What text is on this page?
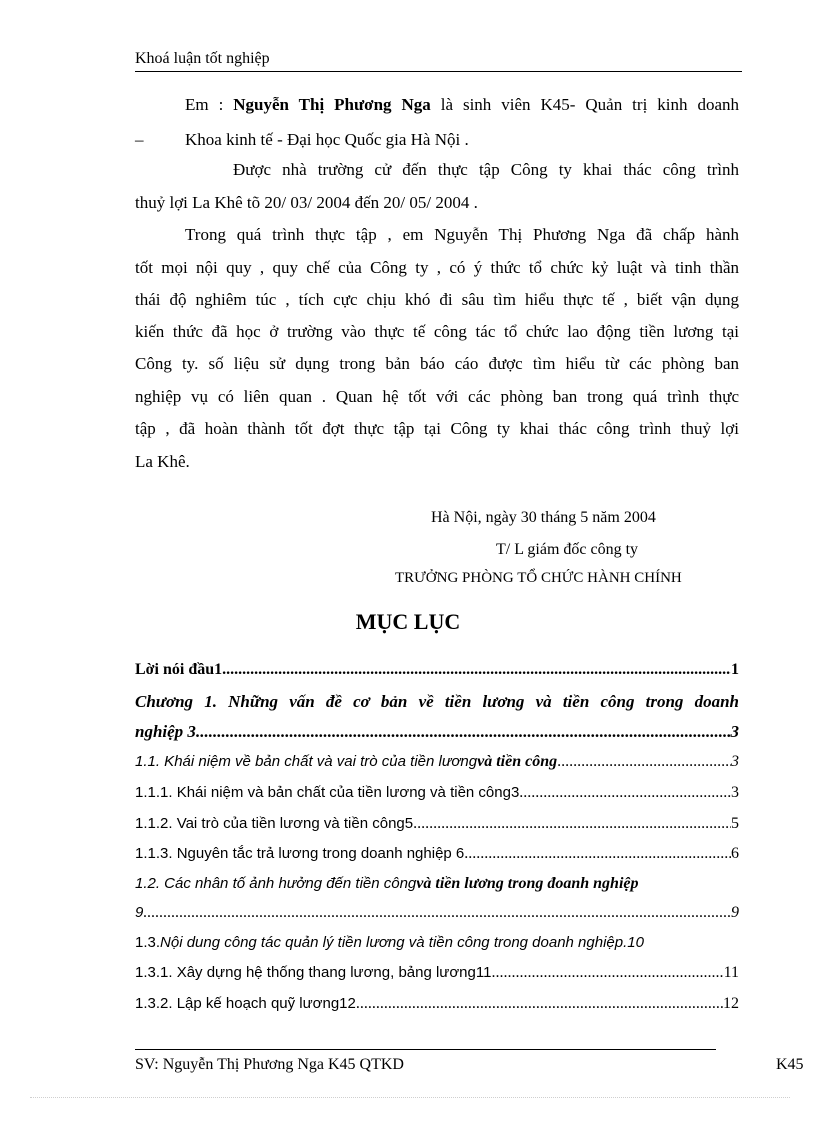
Khoá luận tốt nghiệp
Em : Nguyễn Thị Phương Nga là sinh viên K45- Quản trị kinh doanh
– Khoa kinh tế - Đại học Quốc gia Hà Nội .
Được nhà trường cử đến thực tập Công ty khai thác công trình
thuỷ lợi La Khê tõ 20/ 03/ 2004 đến 20/ 05/ 2004 .
Trong quá trình thực tập , em Nguyễn Thị Phương Nga đã chấp hành
tốt mọi nội quy , quy chế của Công ty , có ý thức tổ chức kỷ luật và tinh thần
thái độ nghiêm túc , tích cực chịu khó đi sâu tìm hiểu thực tế , biết vận dụng
kiến thức đã học ở trường vào thực tế công tác tổ chức lao động tiền lương tại
Công ty. số liệu sử dụng trong bản báo cáo được tìm hiểu từ các phòng ban
nghiệp vụ có liên quan . Quan hệ tốt với các phòng ban trong quá trình thực
tập , đã hoàn thành tốt đợt thực tập tại Công ty khai thác công trình thuỷ lợi
La Khê.
Hà Nội, ngày 30 tháng 5 năm 2004
T/ L giám đốc công ty
TRƯỞNG PHÒNG TỔ CHỨC HÀNH CHÍNH
MỤC LỤC
Lời nói đầu1 .....	1
Chương 1. Những vấn đề cơ bản về tiền lương và tiền công trong doanh
nghiệp 3 .....	3
1.1. Khái niệm về bản chất và vai trò của tiền lương và tiền công .....	3
1.1.1. Khái niệm và bản chất của tiền lương và tiền công3 .....	3
1.1.2. Vai trò của tiền lương và tiền công5 .....	5
1.1.3. Nguyên tắc trả lương trong doanh nghiệp 6 .....	6
1.2. Các nhân tố ảnh hưởng đến tiền công và tiền lương trong đoanh nghiệp
9 .....	9
1.3. Nội dung công tác quản lý tiền lương và tiền công trong doanh nghiệp .10
1.3.1. Xây dựng hệ thống thang lương, bảng lương11 .....	11
1.3.2. Lập kế hoạch quỹ lương12 .....	12
SV: Nguyễn Thị Phương Nga K45 QTKD	K45
